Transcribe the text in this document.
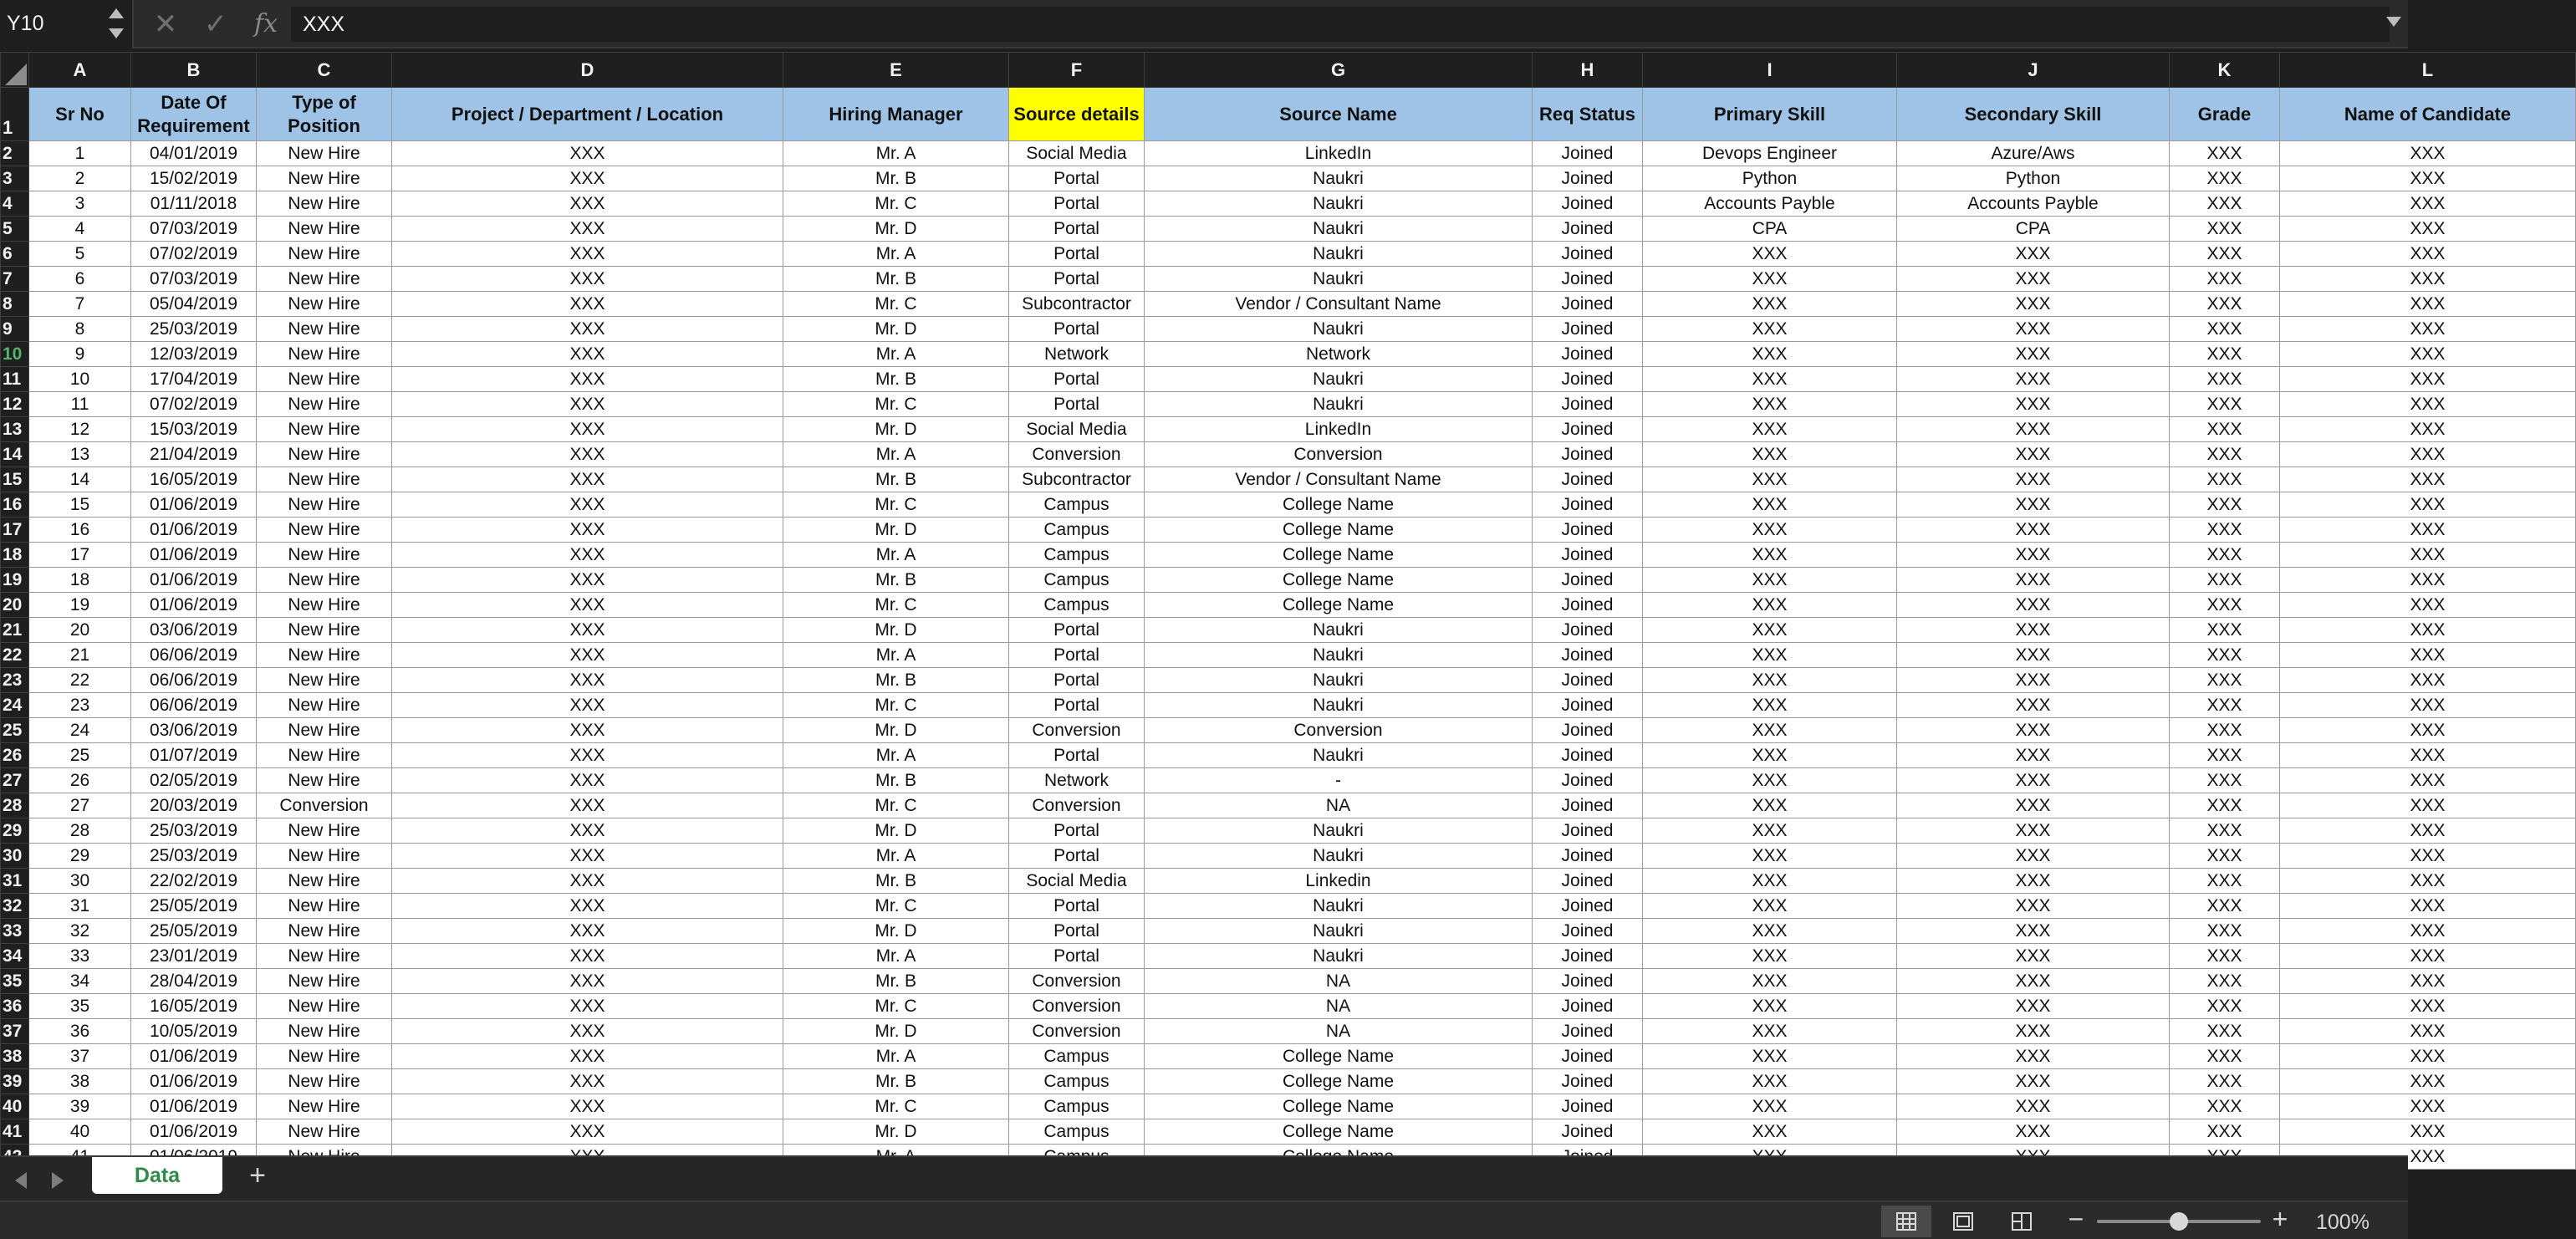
Y10	✕ ✓ fx
XXX
	A	B	C	D	E	F	G	H	I	J	K	L
1	Sr No	Date Of Requirement	Type of Position	Project / Department / Location	Hiring Manager	Source details	Source Name	Req Status	Primary Skill	Secondary Skill	Grade	Name of Candidate
2	1	04/01/2019	New Hire	XXX	Mr. A	Social Media	LinkedIn	Joined	Devops Engineer	Azure/Aws	XXX	XXX
3	2	15/02/2019	New Hire	XXX	Mr. B	Portal	Naukri	Joined	Python	Python	XXX	XXX
4	3	01/11/2018	New Hire	XXX	Mr. C	Portal	Naukri	Joined	Accounts Payble	Accounts Payble	XXX	XXX
5	4	07/03/2019	New Hire	XXX	Mr. D	Portal	Naukri	Joined	CPA	CPA	XXX	XXX
6	5	07/02/2019	New Hire	XXX	Mr. A	Portal	Naukri	Joined	XXX	XXX	XXX	XXX
7	6	07/03/2019	New Hire	XXX	Mr. B	Portal	Naukri	Joined	XXX	XXX	XXX	XXX
8	7	05/04/2019	New Hire	XXX	Mr. C	Subcontractor	Vendor / Consultant Name	Joined	XXX	XXX	XXX	XXX
9	8	25/03/2019	New Hire	XXX	Mr. D	Portal	Naukri	Joined	XXX	XXX	XXX	XXX
10	9	12/03/2019	New Hire	XXX	Mr. A	Network	Network	Joined	XXX	XXX	XXX	XXX
11	10	17/04/2019	New Hire	XXX	Mr. B	Portal	Naukri	Joined	XXX	XXX	XXX	XXX
12	11	07/02/2019	New Hire	XXX	Mr. C	Portal	Naukri	Joined	XXX	XXX	XXX	XXX
13	12	15/03/2019	New Hire	XXX	Mr. D	Social Media	LinkedIn	Joined	XXX	XXX	XXX	XXX
14	13	21/04/2019	New Hire	XXX	Mr. A	Conversion	Conversion	Joined	XXX	XXX	XXX	XXX
15	14	16/05/2019	New Hire	XXX	Mr. B	Subcontractor	Vendor / Consultant Name	Joined	XXX	XXX	XXX	XXX
16	15	01/06/2019	New Hire	XXX	Mr. C	Campus	College Name	Joined	XXX	XXX	XXX	XXX
17	16	01/06/2019	New Hire	XXX	Mr. D	Campus	College Name	Joined	XXX	XXX	XXX	XXX
18	17	01/06/2019	New Hire	XXX	Mr. A	Campus	College Name	Joined	XXX	XXX	XXX	XXX
19	18	01/06/2019	New Hire	XXX	Mr. B	Campus	College Name	Joined	XXX	XXX	XXX	XXX
20	19	01/06/2019	New Hire	XXX	Mr. C	Campus	College Name	Joined	XXX	XXX	XXX	XXX
21	20	03/06/2019	New Hire	XXX	Mr. D	Portal	Naukri	Joined	XXX	XXX	XXX	XXX
22	21	06/06/2019	New Hire	XXX	Mr. A	Portal	Naukri	Joined	XXX	XXX	XXX	XXX
23	22	06/06/2019	New Hire	XXX	Mr. B	Portal	Naukri	Joined	XXX	XXX	XXX	XXX
24	23	06/06/2019	New Hire	XXX	Mr. C	Portal	Naukri	Joined	XXX	XXX	XXX	XXX
25	24	03/06/2019	New Hire	XXX	Mr. D	Conversion	Conversion	Joined	XXX	XXX	XXX	XXX
26	25	01/07/2019	New Hire	XXX	Mr. A	Portal	Naukri	Joined	XXX	XXX	XXX	XXX
27	26	02/05/2019	New Hire	XXX	Mr. B	Network	-	Joined	XXX	XXX	XXX	XXX
28	27	20/03/2019	Conversion	XXX	Mr. C	Conversion	NA	Joined	XXX	XXX	XXX	XXX
29	28	25/03/2019	New Hire	XXX	Mr. D	Portal	Naukri	Joined	XXX	XXX	XXX	XXX
30	29	25/03/2019	New Hire	XXX	Mr. A	Portal	Naukri	Joined	XXX	XXX	XXX	XXX
31	30	22/02/2019	New Hire	XXX	Mr. B	Social Media	Linkedin	Joined	XXX	XXX	XXX	XXX
32	31	25/05/2019	New Hire	XXX	Mr. C	Portal	Naukri	Joined	XXX	XXX	XXX	XXX
33	32	25/05/2019	New Hire	XXX	Mr. D	Portal	Naukri	Joined	XXX	XXX	XXX	XXX
34	33	23/01/2019	New Hire	XXX	Mr. A	Portal	Naukri	Joined	XXX	XXX	XXX	XXX
35	34	28/04/2019	New Hire	XXX	Mr. B	Conversion	NA	Joined	XXX	XXX	XXX	XXX
36	35	16/05/2019	New Hire	XXX	Mr. C	Conversion	NA	Joined	XXX	XXX	XXX	XXX
37	36	10/05/2019	New Hire	XXX	Mr. D	Conversion	NA	Joined	XXX	XXX	XXX	XXX
38	37	01/06/2019	New Hire	XXX	Mr. A	Campus	College Name	Joined	XXX	XXX	XXX	XXX
39	38	01/06/2019	New Hire	XXX	Mr. B	Campus	College Name	Joined	XXX	XXX	XXX	XXX
40	39	01/06/2019	New Hire	XXX	Mr. C	Campus	College Name	Joined	XXX	XXX	XXX	XXX
41	40	01/06/2019	New Hire	XXX	Mr. D	Campus	College Name	Joined	XXX	XXX	XXX	XXX
												XXX
Data	+
−	+ 100%
